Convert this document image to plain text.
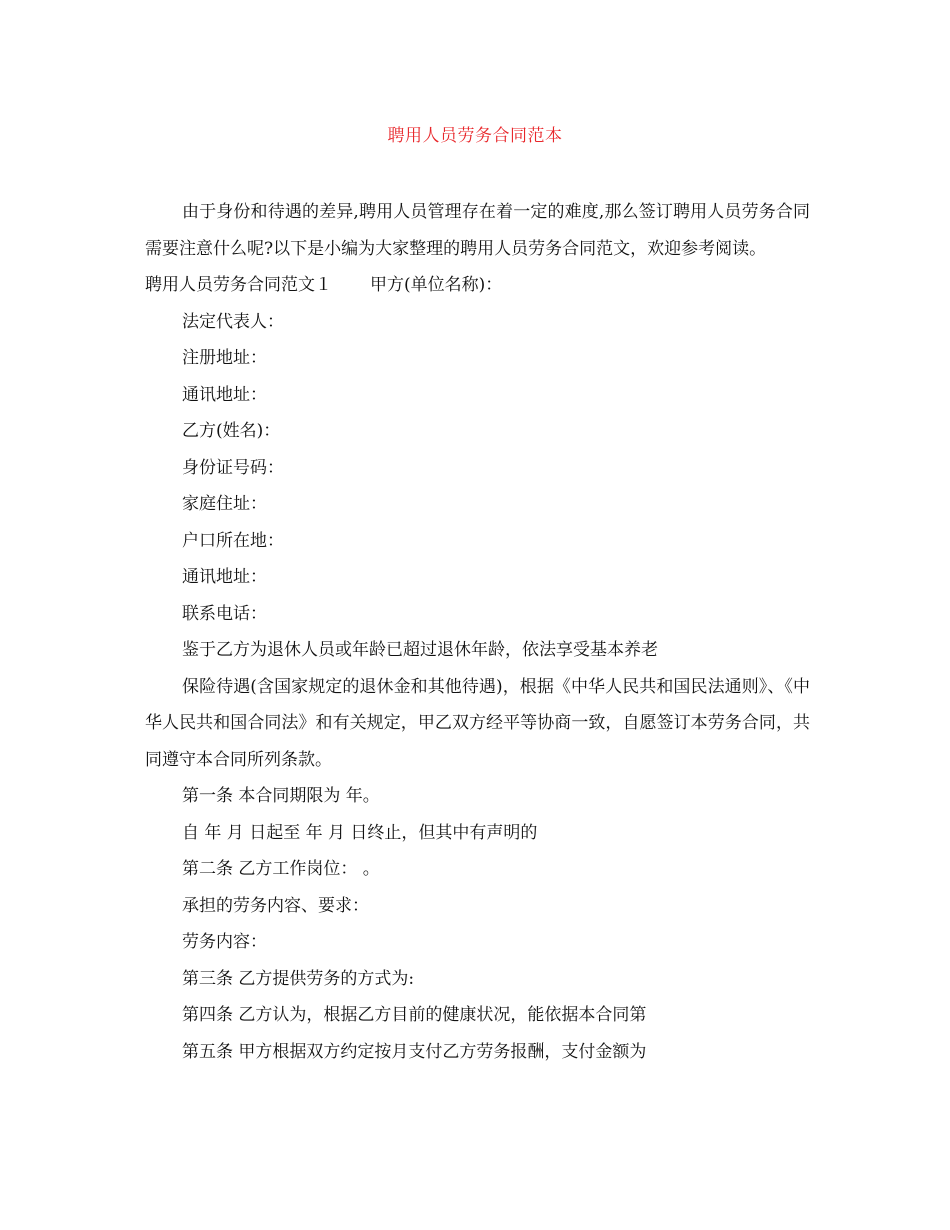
聘用人员劳务合同范本

由于身份和待遇的差异,聘用人员管理存在着一定的难度,那么签订聘用人员劳务合同需要注意什么呢?以下是小编为大家整理的聘用人员劳务合同范文，欢迎参考阅读。

聘用人员劳务合同范文１ 甲方(单位名称)：

法定代表人：

注册地址：

通讯地址：

乙方(姓名)：

身份证号码：

家庭住址：

户口所在地：

通讯地址：

联系电话：

鉴于乙方为退休人员或年龄已超过退休年龄，依法享受基本养老

保险待遇(含国家规定的退休金和其他待遇)，根据《中华人民共和国民法通则》、《中华人民共和国合同法》和有关规定，甲乙双方经平等协商一致，自愿签订本劳务合同，共同遵守本合同所列条款。

第一条 本合同期限为 年。

自 年 月 日起至 年 月 日终止，但其中有声明的

第二条 乙方工作岗位： 。

承担的劳务内容、要求：

劳务内容：

第三条 乙方提供劳务的方式为:

第四条 乙方认为，根据乙方目前的健康状况，能依据本合同第

第五条 甲方根据双方约定按月支付乙方劳务报酬，支付金额为
